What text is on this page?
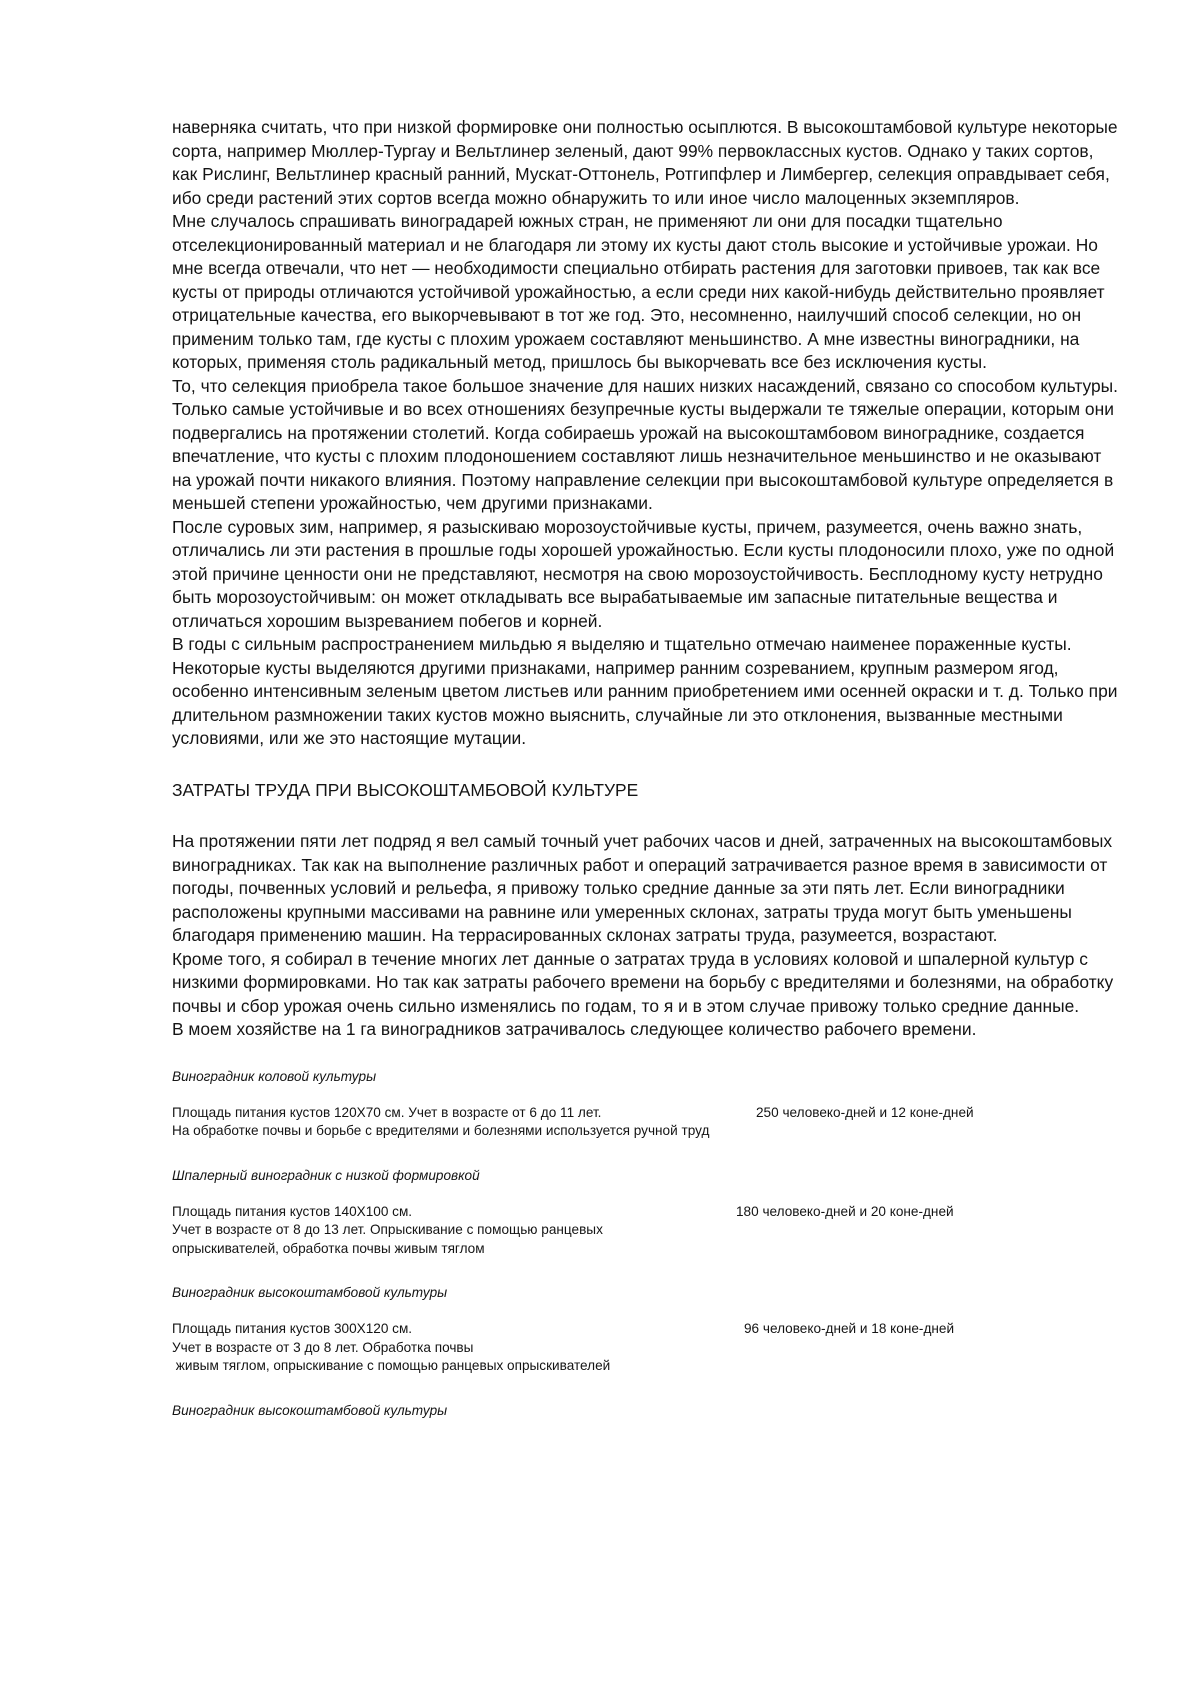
наверняка считать, что при низкой формировке они полностью осыплются. В высокоштамбовой культуре некоторые сорта, например Мюллер-Тургау и Вельтлинер зеленый, дают 99% первоклассных кустов. Однако у таких сортов, как Рислинг, Вельтлинер красный ранний, Мускат-Оттонель, Ротгипфлер и Лимбергер, селекция оправдывает себя, ибо среди растений этих сортов всегда можно обнаружить то или иное число малоценных экземпляров.

Мне случалось спрашивать виноградарей южных стран, не применяют ли они для посадки тщательно отселекционированный материал и не благодаря ли этому их кусты дают столь высокие и устойчивые урожаи. Но мне всегда отвечали, что нет — необходимости специально отбирать растения для заготовки привоев, так как все кусты от природы отличаются устойчивой урожайностью, а если среди них какой-нибудь действительно проявляет отрицательные качества, его выкорчевывают в тот же год. Это, несомненно, наилучший способ селекции, но он применим только там, где кусты с плохим урожаем составляют меньшинство. А мне известны виноградники, на которых, применяя столь радикальный метод, пришлось бы выкорчевать все без исключения кусты.

То, что селекция приобрела такое большое значение для наших низких насаждений, связано со способом культуры. Только самые устойчивые и во всех отношениях безупречные кусты выдержали те тяжелые операции, которым они подвергались на протяжении столетий. Когда собираешь урожай на высокоштамбовом винограднике, создается впечатление, что кусты с плохим плодоношением составляют лишь незначительное меньшинство и не оказывают на урожай почти никакого влияния. Поэтому направление селекции при высокоштамбовой культуре определяется в меньшей степени урожайностью, чем другими признаками.

После суровых зим, например, я разыскиваю морозоустойчивые кусты, причем, разумеется, очень важно знать, отличались ли эти растения в прошлые годы хорошей урожайностью. Если кусты плодоносили плохо, уже по одной этой причине ценности они не представляют, несмотря на свою морозоустойчивость. Бесплодному кусту нетрудно быть морозоустойчивым: он может откладывать все вырабатываемые им запасные питательные вещества и отличаться хорошим вызреванием побегов и корней.

В годы с сильным распространением мильдью я выделяю и тщательно отмечаю наименее пораженные кусты. Некоторые кусты выделяются другими признаками, например ранним созреванием, крупным размером ягод, особенно интенсивным зеленым цветом листьев или ранним приобретением ими осенней окраски и т. д. Только при длительном размножении таких кустов можно выяснить, случайные ли это отклонения, вызванные местными условиями, или же это настоящие мутации.

ЗАТРАТЫ ТРУДА ПРИ ВЫСОКОШТАМБОВОЙ КУЛЬТУРЕ

На протяжении пяти лет подряд я вел самый точный учет рабочих часов и дней, затраченных на высокоштамбовых виноградниках. Так как на выполнение различных работ и операций затрачивается разное время в зависимости от погоды, почвенных условий и рельефа, я привожу только средние данные за эти пять лет. Если виноградники расположены крупными массивами на равнине или умеренных склонах, затраты труда могут быть уменьшены благодаря применению машин. На террасированных склонах затраты труда, разумеется, возрастают.

Кроме того, я собирал в течение многих лет данные о затратах труда в условиях коловой и шпалерной культур с низкими формировками. Но так как затраты рабочего времени на борьбу с вредителями и болезнями, на обработку почвы и сбор урожая очень сильно изменялись по годам, то я и в этом случае привожу только средние данные.

В моем хозяйстве на 1 га виноградников затрачивалось следующее количество рабочего времени.

Виноградник коловой культуры
Площадь питания кустов 120X70 см. Учет в возрасте от 6 до 11 лет.
На обработке почвы и борьбе с вредителями и болезнями используется ручной труд
250 человеко-дней и 12 коне-дней
Шпалерный виноградник с низкой формировкой
Площадь питания кустов 140X100 см.
Учет в возрасте от 8 до 13 лет. Опрыскивание с помощью ранцевых
опрыскивателей, обработка почвы живым тяглом
180 человеко-дней и 20 коне-дней
Виноградник высокоштамбовой культуры
Площадь питания кустов 300X120 см.
Учет в возрасте от 3 до 8 лет. Обработка почвы
живым тяглом, опрыскивание с помощью ранцевых опрыскивателей
96 человеко-дней и 18 коне-дней
Виноградник высокоштамбовой культуры
